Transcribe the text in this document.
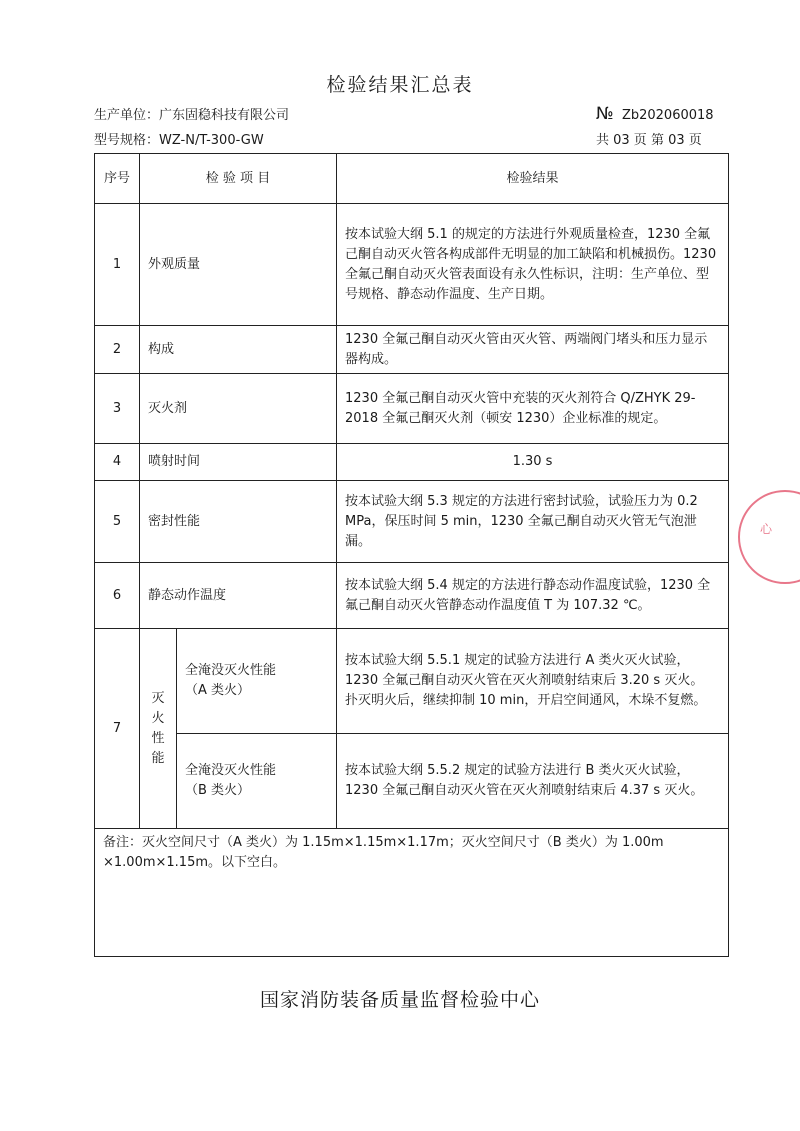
检验结果汇总表
生产单位：广东固稳科技有限公司
型号规格：WZ-N/T-300-GW
№ Zb202060018
共 03 页 第 03 页
序号	检 验 项 目		检验结果
1	外观质量		按本试验大纲 5.1 的规定的方法进行外观质量检查，1230 全氟己酮自动灭火管各构成部件无明显的加工缺陷和机械损伤。1230 全氟己酮自动灭火管表面设有永久性标识，注明：生产单位、型号规格、静态动作温度、生产日期。
2	构成		1230 全氟己酮自动灭火管由灭火管、两端阀门堵头和压力显示器构成。
3	灭火剂		1230 全氟己酮自动灭火管中充装的灭火剂符合 Q/ZHYK 29-2018 全氟己酮灭火剂（顿安 1230）企业标准的规定。
4	喷射时间		1.30 s
5	密封性能		按本试验大纲 5.3 规定的方法进行密封试验，试验压力为 0.2 MPa，保压时间 5 min，1230 全氟己酮自动灭火管无气泡泄漏。
6	静态动作温度		按本试验大纲 5.4 规定的方法进行静态动作温度试验，1230 全氟己酮自动灭火管静态动作温度值 T 为 107.32 ℃。
7	灭火性能	全淹没灭火性能
（A 类火）	按本试验大纲 5.5.1 规定的试验方法进行 A 类火灭火试验，1230 全氟己酮自动灭火管在灭火剂喷射结束后 3.20 s 灭火。 扑灭明火后，继续抑制 10 min，开启空间通风，木垛不复燃。

		全淹没灭火性能
（B 类火）	按本试验大纲 5.5.2 规定的试验方法进行 B 类火灭火试验，1230 全氟己酮自动灭火管在灭火剂喷射结束后 4.37 s 灭火。
备注：灭火空间尺寸（A 类火）为 1.15m×1.15m×1.17m；灭火空间尺寸（B 类火）为 1.00m ×1.00m×1.15m。以下空白。			
国家消防装备质量监督检验中心
心
